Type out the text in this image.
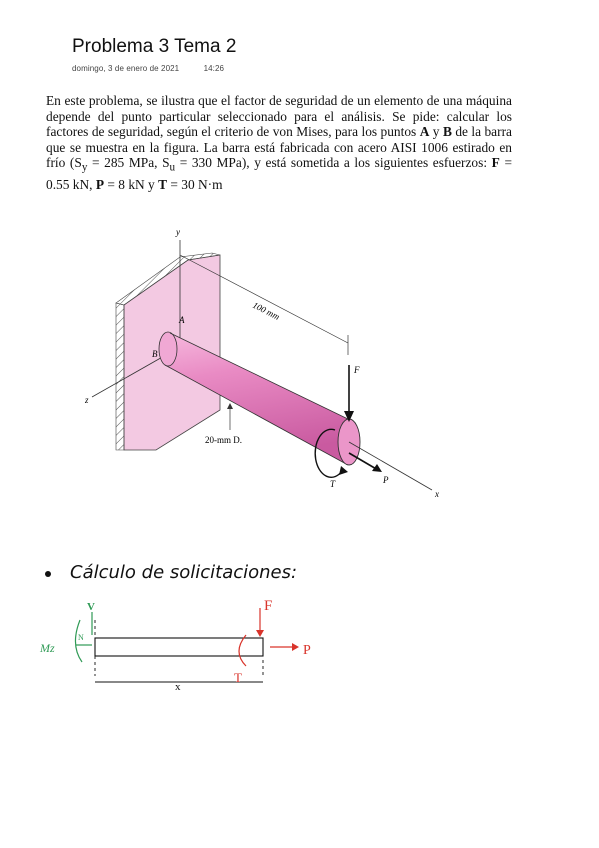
Problema 3 Tema 2
domingo, 3 de enero de 2021	14:26
En este problema, se ilustra que el factor de seguridad de un elemento de una máquina depende del punto particular seleccionado para el análisis. Se pide: calcular los factores de seguridad, según el criterio de von Mises, para los puntos A y B de la barra que se muestra en la figura. La barra está fabricada con acero AISI 1006 estirado en frío ($S_y = 285$ MPa, $S_u = 330$ MPa), y está sometida a los siguientes esfuerzos: F = 0.55 kN, P = 8 kN y T = 30 N·m
y
z
x
100 mm
A
B
F
T	P
20-mm D.
Cálculo de solicitaciones:
x
Mz
V
N
F
T
P
